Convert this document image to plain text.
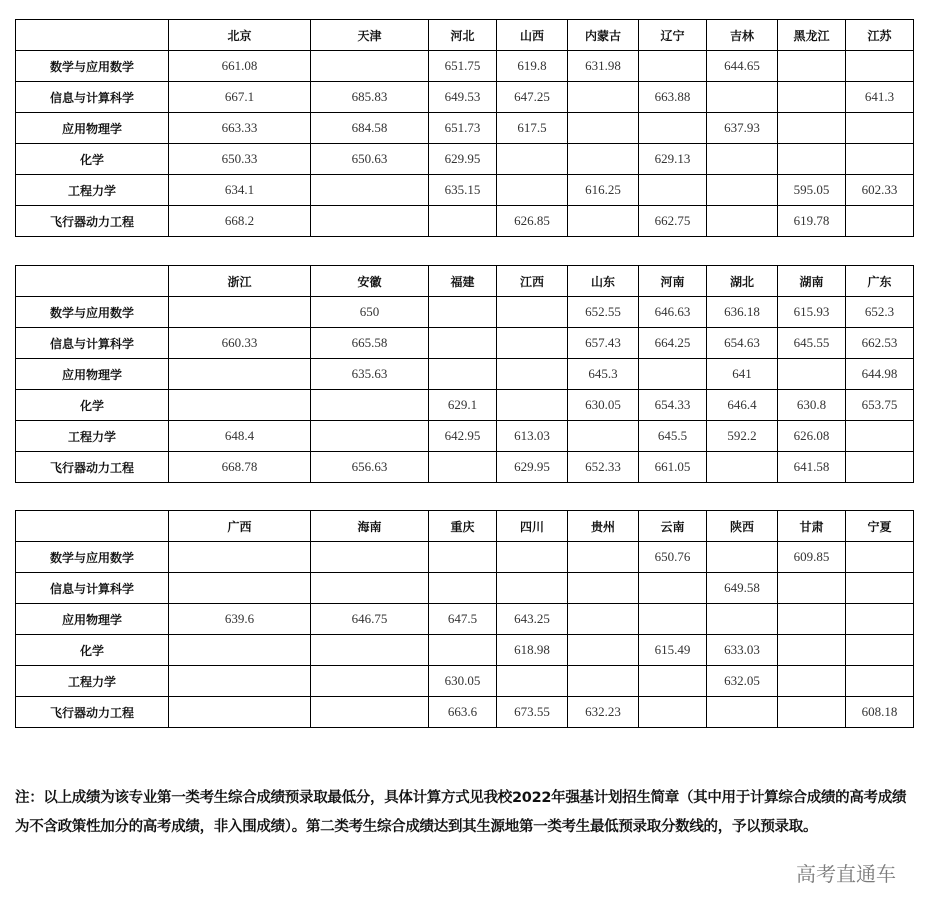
	北京	天津	河北	山西	内蒙古	辽宁	吉林	黑龙江	江苏
数学与应用数学	661.08		651.75	619.8	631.98		644.65		
信息与计算科学	667.1	685.83	649.53	647.25		663.88			641.3
应用物理学	663.33	684.58	651.73	617.5			637.93		
化学	650.33	650.63	629.95			629.13			
工程力学	634.1		635.15		616.25			595.05	602.33
飞行器动力工程	668.2			626.85		662.75		619.78	
	浙江	安徽	福建	江西	山东	河南	湖北	湖南	广东
数学与应用数学		650			652.55	646.63	636.18	615.93	652.3
信息与计算科学	660.33	665.58			657.43	664.25	654.63	645.55	662.53
应用物理学		635.63			645.3		641		644.98
化学			629.1		630.05	654.33	646.4	630.8	653.75
工程力学	648.4		642.95	613.03		645.5	592.2	626.08	
飞行器动力工程	668.78	656.63		629.95	652.33	661.05		641.58	
	广西	海南	重庆	四川	贵州	云南	陕西	甘肃	宁夏
数学与应用数学						650.76		609.85	
信息与计算科学							649.58		
应用物理学	639.6	646.75	647.5	643.25					
化学				618.98		615.49	633.03		
工程力学			630.05				632.05		
飞行器动力工程			663.6	673.55	632.23				608.18
注：以上成绩为该专业第一类考生综合成绩预录取最低分，具体计算方式见我校2022年强基计划招生简章（其中用于计算综合成绩的高考成绩为不含政策性加分的高考成绩，非入围成绩）。第二类考生综合成绩达到其生源地第一类考生最低预录取分数线的，予以预录取。
高考直通车
